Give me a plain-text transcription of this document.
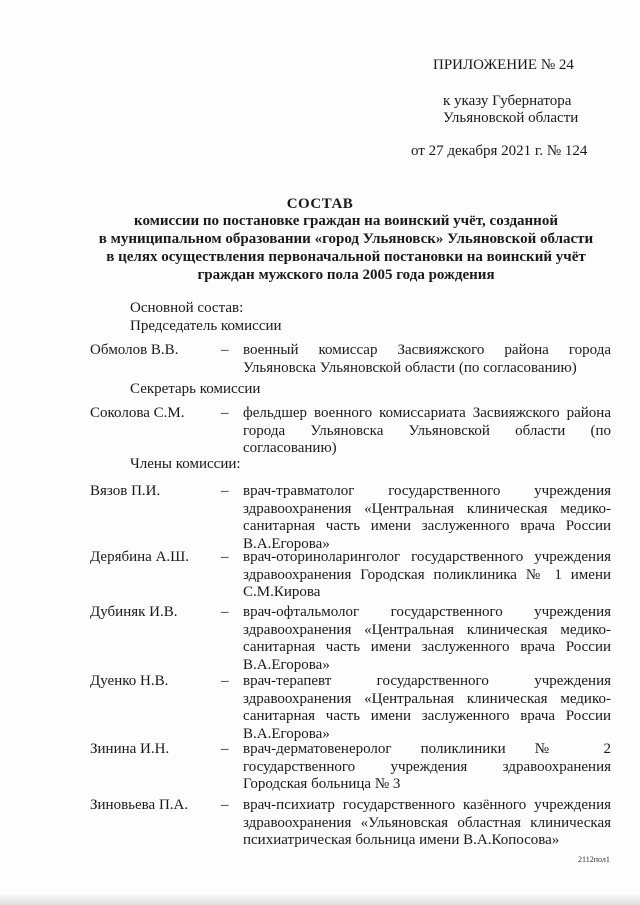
ПРИЛОЖЕНИЕ № 24
к указу Губернатора
Ульяновской области
от 27 декабря 2021 г. № 124
СОСТАВ
комиссии по постановке граждан на воинский учёт, созданной
в муниципальном образовании «город Ульяновск» Ульяновской области
в целях осуществления первоначальной постановки на воинский учёт
граждан мужского пола 2005 года рождения
Основной состав:
Председатель комиссии
Обмолов В.В.	– военный комиссар Засвияжского района города Ульяновска Ульяновской области (по согласованию)
Секретарь комиссии
Соколова С.М. – фельдшер военного комиссариата Засвияжского района города Ульяновска Ульяновской области (по согласованию)
Члены комиссии:
Вязов П.И.	– врач-травматолог государственного учреждения здравоохранения «Центральная клиническая медико-санитарная часть имени заслуженного врача России В.А.Егорова»
Дерябина А.Ш. – врач-оториноларинголог государственного учреждения здравоохранения Городская поликлиника № 1 имени С.М.Кирова
Дубиняк И.В.	– врач-офтальмолог государственного учреждения здравоохранения «Центральная клиническая медико-санитарная часть имени заслуженного врача России В.А.Егорова»
Дуенко Н.В.	– врач-терапевт государственного учреждения здравоохранения «Центральная клиническая медико-санитарная часть имени заслуженного врача России В.А.Егорова»
Зинина И.Н.	– врач-дерматовенеролог поликлиники № 2 государственного учреждения здравоохранения Городская больница № 3
Зиновьева П.А. – врач-психиатр государственного казённого учреждения здравоохранения «Ульяновская областная клиническая психиатрическая больница имени В.А.Копосова»
2112пол1
